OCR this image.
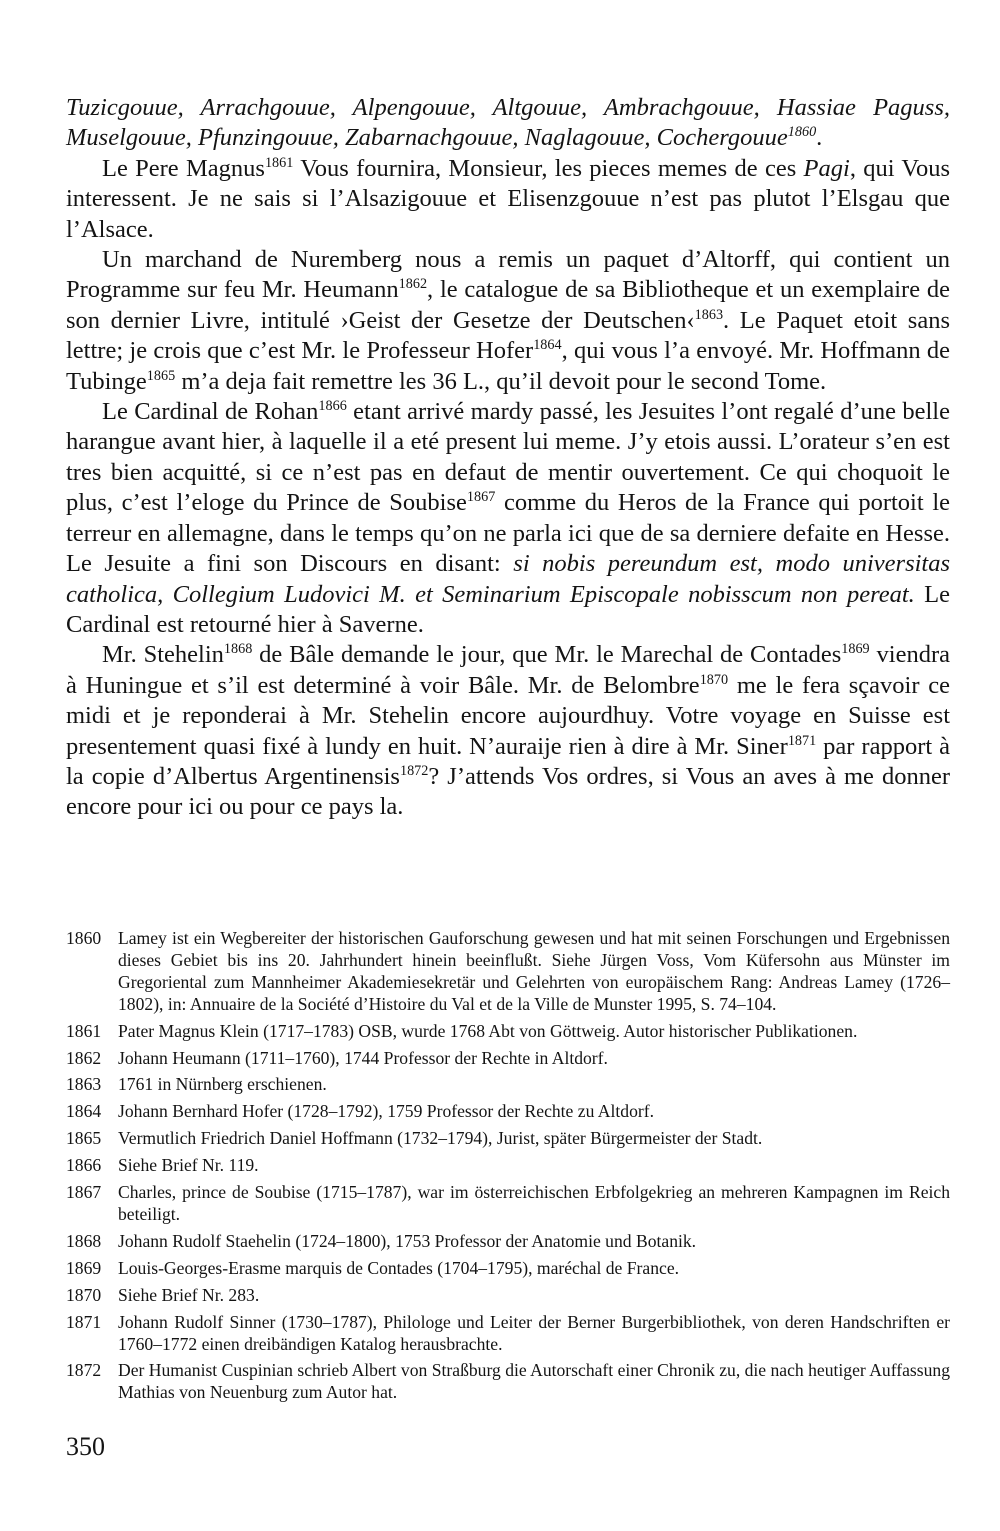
Tuzicgouue, Arrachgouue, Alpengouue, Altgouue, Ambrachgouue, Hassiae Paguss, Muselgouue, Pfunzingouue, Zabarnachgouue, Naglagouue, Cochergouue$^{1860}$.

Le Pere Magnus$^{1861}$ Vous fournira, Monsieur, les pieces memes de ces Pagi, qui Vous interessent. Je ne sais si l’Alsazigouue et Elisenzgouue n’est pas plutot l’Elsgau que l’Alsace.

Un marchand de Nuremberg nous a remis un paquet d’Altorff, qui contient un Programme sur feu Mr. Heumann$^{1862}$, le catalogue de sa Bibliotheque et un exemplaire de son dernier Livre, intitulé ›Geist der Gesetze der Deutschen‹$^{1863}$. Le Paquet etoit sans lettre; je crois que c’est Mr. le Professeur Hofer$^{1864}$, qui vous l’a envoyé. Mr. Hoffmann de Tubinge$^{1865}$ m’a deja fait remettre les 36 L., qu’il devoit pour le second Tome.

Le Cardinal de Rohan$^{1866}$ etant arrivé mardy passé, les Jesuites l’ont regalé d’une belle harangue avant hier, à laquelle il a eté present lui meme. J’y etois aussi. L’orateur s’en est tres bien acquitté, si ce n’est pas en defaut de mentir ouvertement. Ce qui choquoit le plus, c’est l’eloge du Prince de Soubise$^{1867}$ comme du Heros de la France qui portoit le terreur en allemagne, dans le temps qu’on ne parla ici que de sa derniere defaite en Hesse. Le Jesuite a fini son Discours en disant: si nobis pereundum est, modo universitas catholica, Collegium Ludovici M. et Seminarium Episcopale nobisscum non pereat. Le Cardinal est retourné hier à Saverne.

Mr. Stehelin$^{1868}$ de Bâle demande le jour, que Mr. le Marechal de Contades$^{1869}$ viendra à Huningue et s’il est determiné à voir Bâle. Mr. de Belombre$^{1870}$ me le fera sçavoir ce midi et je reponderai à Mr. Stehelin encore aujourdhuy. Votre voyage en Suisse est presentement quasi fixé à lundy en huit. N’auraije rien à dire à Mr. Siner$^{1871}$ par rapport à la copie d’Albertus Argentinensis$^{1872}$? J’attends Vos ordres, si Vous an aves à me donner encore pour ici ou pour ce pays la.

1860 Lamey ist ein Wegbereiter der historischen Gauforschung gewesen und hat mit seinen Forschungen und Ergebnissen dieses Gebiet bis ins 20. Jahrhundert hinein beeinflußt. Siehe Jürgen Voss, Vom Küfersohn aus Münster im Gregoriental zum Mannheimer Akademiesekretär und Gelehrten von europäischem Rang: Andreas Lamey (1726–1802), in: Annuaire de la Société d’Histoire du Val et de la Ville de Munster 1995, S. 74–104.
1861 Pater Magnus Klein (1717–1783) OSB, wurde 1768 Abt von Göttweig. Autor historischer Publikationen.
1862 Johann Heumann (1711–1760), 1744 Professor der Rechte in Altdorf.
1863 1761 in Nürnberg erschienen.
1864 Johann Bernhard Hofer (1728–1792), 1759 Professor der Rechte zu Altdorf.
1865 Vermutlich Friedrich Daniel Hoffmann (1732–1794), Jurist, später Bürgermeister der Stadt.
1866 Siehe Brief Nr. 119.
1867 Charles, prince de Soubise (1715–1787), war im österreichischen Erbfolgekrieg an mehreren Kampagnen im Reich beteiligt.
1868 Johann Rudolf Staehelin (1724–1800), 1753 Professor der Anatomie und Botanik.
1869 Louis-Georges-Erasme marquis de Contades (1704–1795), maréchal de France.
1870 Siehe Brief Nr. 283.
1871 Johann Rudolf Sinner (1730–1787), Philologe und Leiter der Berner Burgerbibliothek, von deren Handschriften er 1760–1772 einen dreibändigen Katalog herausbrachte.
1872 Der Humanist Cuspinian schrieb Albert von Straßburg die Autorschaft einer Chronik zu, die nach heutiger Auffassung Mathias von Neuenburg zum Autor hat.
350
